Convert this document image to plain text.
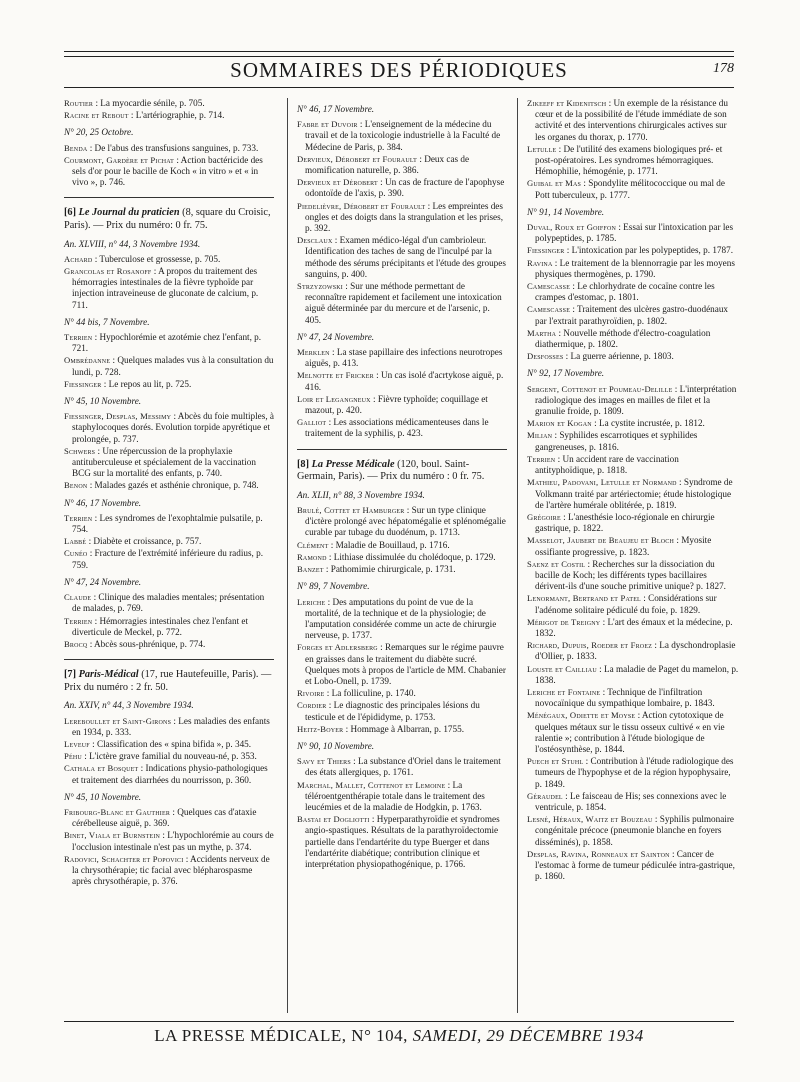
SOMMAIRES DES PÉRIODIQUES	178
Routier : La myocardie sénile, p. 705.
Racine et Rebout : L'artériographie, p. 714.
N° 20, 25 Octobre.
Benda : De l'abus des transfusions sanguines, p. 733.
Courmont, Gardère et Pichat : Action bactéricide des sels d'or pour le bacille de Koch « in vitro » et « in vivo », p. 746.
[6] Le Journal du praticien (8, square du Croisic, Paris). — Prix du numéro: 0 fr. 75.
An. XLVIII, n° 44, 3 Novembre 1934.
Achard : Tuberculose et grossesse, p. 705.
Grancolas et Rosanoff : A propos du traitement des hémorragies intestinales de la fièvre typhoïde par injection intraveineuse de gluconate de calcium, p. 711.
N° 44 bis, 7 Novembre.
Terrien : Hypochlorémie et azotémie chez l'enfant, p. 721.
Ombrédanne : Quelques malades vus à la consultation du lundi, p. 728.
Fiessinger : Le repos au lit, p. 725.
N° 45, 10 Novembre.
Fiessinger, Desplas, Messimy : Abcès du foie multiples, à staphylocoques dorés. Evolution torpide apyrétique et prolongée, p. 737.
Schwers : Une répercussion de la prophylaxie antituberculeuse et spécialement de la vaccination BCG sur la mortalité des enfants, p. 740.
Benon : Malades gazés et asthénie chronique, p. 748.
N° 46, 17 Novembre.
Terrien : Les syndromes de l'exophtalmie pulsatile, p. 754.
Labbé : Diabète et croissance, p. 757.
Cunéo : Fracture de l'extrémité inférieure du radius, p. 759.
N° 47, 24 Novembre.
Claude : Clinique des maladies mentales; présentation de malades, p. 769.
Terrien : Hémorragies intestinales chez l'enfant et diverticule de Meckel, p. 772.
Brocq : Abcès sous-phrénique, p. 774.
[7] Paris-Médical (17, rue Hautefeuille, Paris). — Prix du numéro : 2 fr. 50.
An. XXIV, n° 44, 3 Novembre 1934.
Lereboullet et Saint-Girons : Les maladies des enfants en 1934, p. 333.
Leveuf : Classification des « spina bifida », p. 345.
Péhu : L'ictère grave familial du nouveau-né, p. 353.
Cathala et Bosquet : Indications physio-pathologiques et traitement des diarrhées du nourrisson, p. 360.
N° 45, 10 Novembre.
Fribourg-Blanc et Gauthier : Quelques cas d'ataxie cérébelleuse aiguë, p. 369.
Binet, Viala et Burnstein : L'hypochlorémie au cours de l'occlusion intestinale n'est pas un mythe, p. 374.
Radovici, Schachter et Popovici : Accidents nerveux de la chrysothérapie; tic facial avec blépharospasme après chrysothérapie, p. 376.
N° 46, 17 Novembre.
Fabre et Duvoir : L'enseignement de la médecine du travail et de la toxicologie industrielle à la Faculté de Médecine de Paris, p. 384.
Dervieux, Dérobert et Fourault : Deux cas de momification naturelle, p. 386.
Dervieux et Dérobert : Un cas de fracture de l'apophyse odontoïde de l'axis, p. 390.
Piedelièvre, Dérobert et Fourault : Les empreintes des ongles et des doigts dans la strangulation et les prises, p. 392.
Desclaux : Examen médico-légal d'un cambrioleur. Identification des taches de sang de l'inculpé par la méthode des sérums précipitants et l'étude des groupes sanguins, p. 400.
Strzyzowski : Sur une méthode permettant de reconnaître rapidement et facilement une intoxication aiguë déterminée par du mercure et de l'arsenic, p. 405.
N° 47, 24 Novembre.
Merklen : La stase papillaire des infections neurotropes aiguës, p. 413.
Melnotte et Fricker : Un cas isolé d'acrtykose aiguë, p. 416.
Loir et Legangneux : Fièvre typhoïde; coquillage et mazout, p. 420.
Galliot : Les associations médicamenteuses dans le traitement de la syphilis, p. 423.
[8] La Presse Médicale (120, boul. Saint-Germain, Paris). — Prix du numéro : 0 fr. 75.
An. XLII, n° 88, 3 Novembre 1934.
Brulé, Cottet et Hamburger : Sur un type clinique d'ictère prolongé avec hépatomégalie et splénomégalie curable par tubage du duodénum, p. 1713.
Clément : Maladie de Bouillaud, p. 1716.
Ramond : Lithiase dissimulée du cholédoque, p. 1729.
Banzet : Pathomimie chirurgicale, p. 1731.
N° 89, 7 Novembre.
Leriche : Des amputations du point de vue de la mortalité, de la technique et de la physiologie; de l'amputation considérée comme un acte de chirurgie nerveuse, p. 1737.
Forges et Adlersberg : Remarques sur le régime pauvre en graisses dans le traitement du diabète sucré. Quelques mots à propos de l'article de MM. Chabanier et Lobo-Onell, p. 1739.
Rivoire : La folliculine, p. 1740.
Cordier : Le diagnostic des principales lésions du testicule et de l'épididyme, p. 1753.
Heitz-Boyer : Hommage à Albarran, p. 1755.
N° 90, 10 Novembre.
Savy et Thiers : La substance d'Oriel dans le traitement des états allergiques, p. 1761.
Marchal, Mallet, Cottenot et Lemoine : La téléroentgenthérapie totale dans le traitement des leucémies et de la maladie de Hodgkin, p. 1763.
Bastai et Dogliotti : Hyperparathyroïdie et syndromes angio-spastiques. Résultats de la parathyroïdectomie partielle dans l'endartérite du type Buerger et dans l'endartérite diabétique; contribution clinique et interprétation physiopathogénique, p. 1766.
Zikeeff et Kidenitsch : Un exemple de la résistance du cœur et de la possibilité de l'étude immédiate de son activité et des interventions chirurgicales actives sur les organes du thorax, p. 1770.
Letulle : De l'utilité des examens biologiques pré- et post-opératoires. Les syndromes hémorragiques. Hémophilie, hémogénie, p. 1771.
Guibal et Mas : Spondylite mélitococcique ou mal de Pott tuberculeux, p. 1777.
N° 91, 14 Novembre.
Duval, Roux et Goiffon : Essai sur l'intoxication par les polypeptides, p. 1785.
Fiessinger : L'intoxication par les polypeptides, p. 1787.
Ravina : Le traitement de la blennorragie par les moyens physiques thermogènes, p. 1790.
Camescasse : Le chlorhydrate de cocaïne contre les crampes d'estomac, p. 1801.
Camescasse : Traitement des ulcères gastro-duodénaux par l'extrait parathyroïdien, p. 1802.
Martha : Nouvelle méthode d'électro-coagulation diathermique, p. 1802.
Desfosses : La guerre aérienne, p. 1803.
N° 92, 17 Novembre.
Sergent, Cottenot et Poumeau-Delille : L'interprétation radiologique des images en mailles de filet et la granulie froide, p. 1809.
Marion et Kogan : La cystite incrustée, p. 1812.
Milian : Syphilides escarrotiques et syphilides gangreneuses, p. 1816.
Terrien : Un accident rare de vaccination antityphoïdique, p. 1818.
Mathieu, Padovani, Letulle et Normand : Syndrome de Volkmann traité par artériectomie; étude histologique de l'artère humérale oblitérée, p. 1819.
Grégoire : L'anesthésie loco-régionale en chirurgie gastrique, p. 1822.
Masselot, Jaubert de Beaujeu et Bloch : Myosite ossifiante progressive, p. 1823.
Saenz et Costil : Recherches sur la dissociation du bacille de Koch; les différents types bacillaires dérivent-ils d'une souche primitive unique? p. 1827.
Lenormant, Bertrand et Patel : Considérations sur l'adénome solitaire pédiculé du foie, p. 1829.
Mérigot de Treigny : L'art des émaux et la médecine, p. 1832.
Richard, Dupuis, Roeder et Froez : La dyschondroplasie d'Ollier, p. 1833.
Louste et Cailliau : La maladie de Paget du mamelon, p. 1838.
Leriche et Fontaine : Technique de l'infiltration novocaïnique du sympathique lombaire, p. 1843.
Ménégaux, Odiette et Moyse : Action cytotoxique de quelques métaux sur le tissu osseux cultivé « en vie ralentie »; contribution à l'étude biologique de l'ostéosynthèse, p. 1844.
Puech et Stuhl : Contribution à l'étude radiologique des tumeurs de l'hypophyse et de la région hypophysaire, p. 1849.
Géraudel : Le faisceau de His; ses connexions avec le ventricule, p. 1854.
Lesné, Héraux, Waitz et Bouzeau : Syphilis pulmonaire congénitale précoce (pneumonie blanche en foyers disséminés), p. 1858.
Desplas, Ravina, Ronneaux et Sainton : Cancer de l'estomac à forme de tumeur pédiculée intra-gastrique, p. 1860.
LA PRESSE MÉDICALE, N° 104, SAMEDI, 29 DÉCEMBRE 1934
